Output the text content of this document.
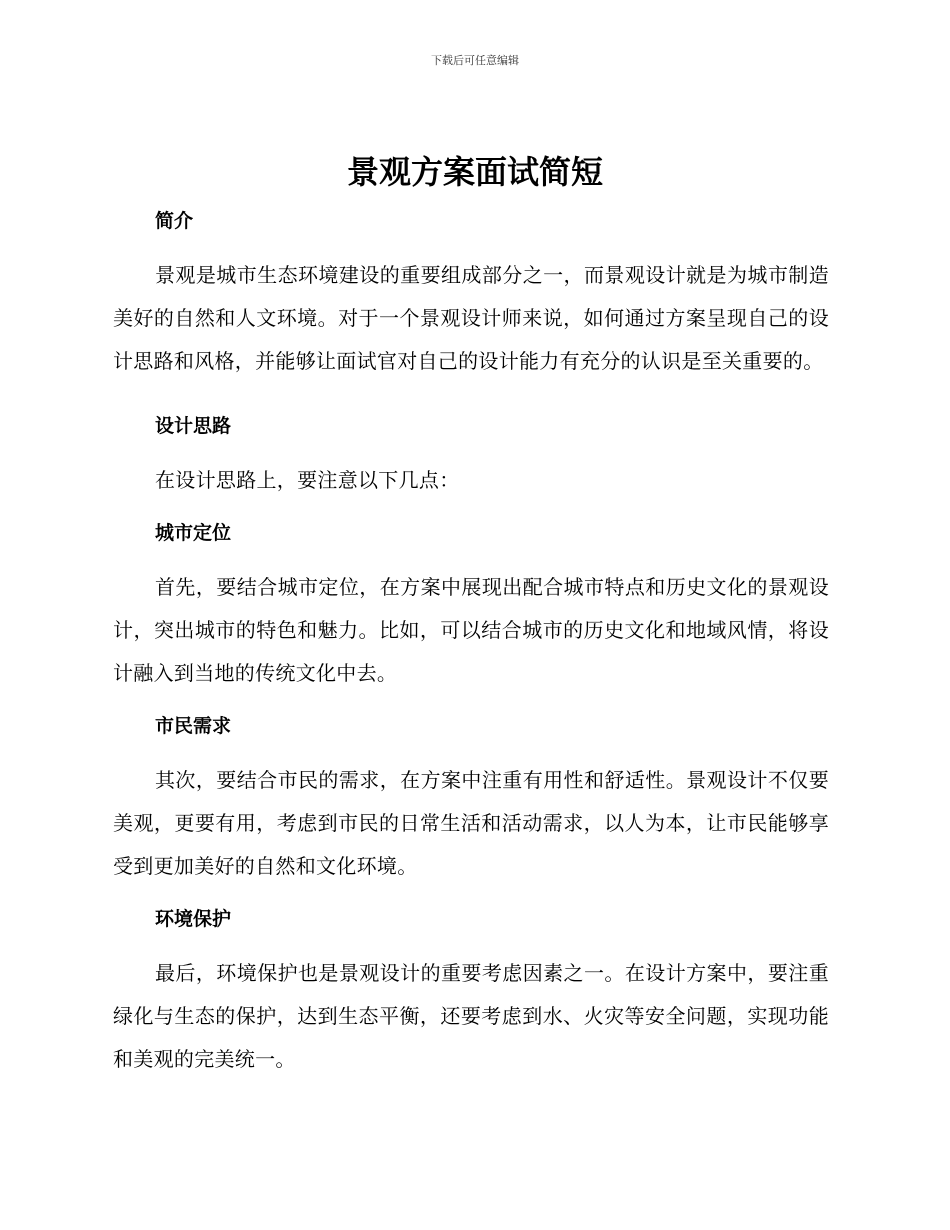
下载后可任意编辑
景观方案面试简短
简介

景观是城市生态环境建设的重要组成部分之一，而景观设计就是为城市制造美好的自然和人文环境。对于一个景观设计师来说，如何通过方案呈现自己的设计思路和风格，并能够让面试官对自己的设计能力有充分的认识是至关重要的。

设计思路

在设计思路上，要注意以下几点：

城市定位

首先，要结合城市定位，在方案中展现出配合城市特点和历史文化的景观设计，突出城市的特色和魅力。比如，可以结合城市的历史文化和地域风情，将设计融入到当地的传统文化中去。

市民需求

其次，要结合市民的需求，在方案中注重有用性和舒适性。景观设计不仅要美观，更要有用，考虑到市民的日常生活和活动需求，以人为本，让市民能够享受到更加美好的自然和文化环境。

环境保护

最后，环境保护也是景观设计的重要考虑因素之一。在设计方案中，要注重绿化与生态的保护，达到生态平衡，还要考虑到水、火灾等安全问题，实现功能和美观的完美统一。
